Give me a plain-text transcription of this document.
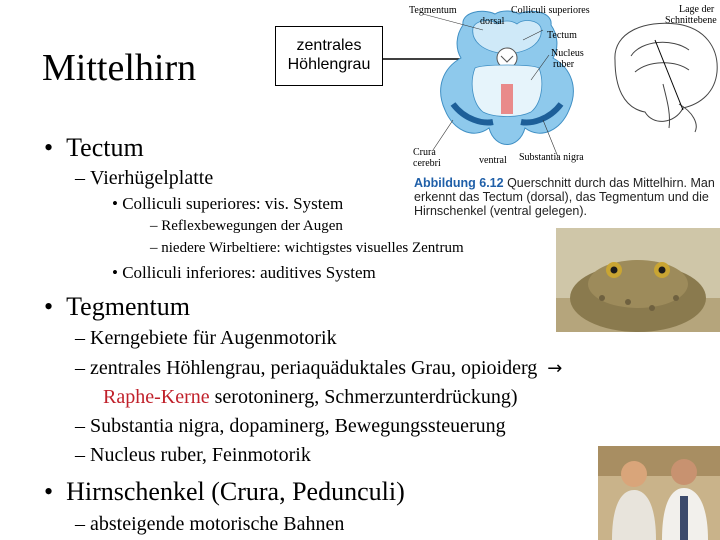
Mittelhirn
zentrales
Höhlengrau
Tegmentum	Colliculi superiores
dorsal
Tectum
Nucleus
ruber
Crura
cerebri	ventral Substantia nigra
Lage der
Schnittebene
Abbildung 6.12 Querschnitt durch das Mittelhirn. Man erkennt das Tectum (dorsal), das Tegmentum und die Hirnschenkel (ventral gelegen).
• Tectum
– Vierhügelplatte
• Colliculi superiores: vis. System
– Reflexbewegungen der Augen
– niedere Wirbeltiere: wichtigstes visuelles Zentrum
• Colliculi inferiores: auditives System
• Tegmentum
– Kerngebiete für Augenmotorik
– zentrales Höhlengrau, periaquäduktales Grau, opioiderg →
Raphe-Kerne serotoninerg, Schmerzunterdrückung)
– Substantia nigra, dopaminerg, Bewegungssteuerung
– Nucleus ruber, Feinmotorik
• Hirnschenkel (Crura, Pedunculi)
– absteigende motorische Bahnen
